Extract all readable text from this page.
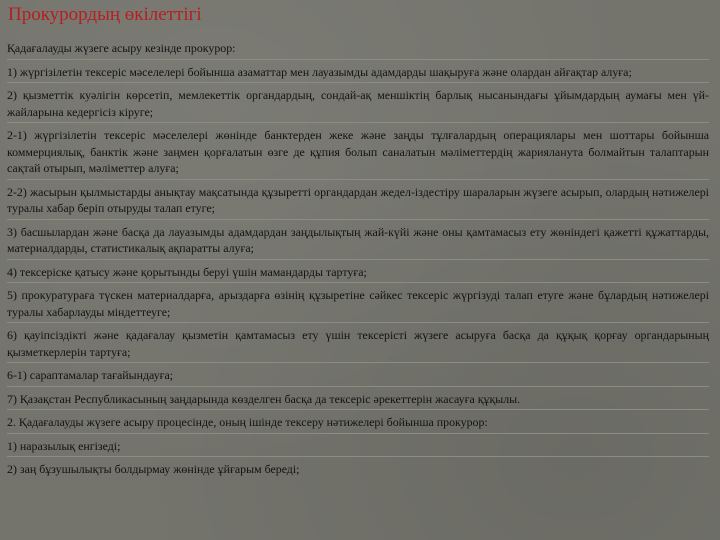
Прокурордың өкілеттігі

Қадағалауды жүзеге асыру кезінде прокурор:

1) жүргізілетін тексеріс мәселелері бойынша азаматтар мен лауазымды адамдарды шақыруға және олардан айғақтар алуға;

2) қызметтік куәлігін көрсетіп, мемлекеттік органдардың, сондай-ақ меншіктің барлық нысанындағы ұйымдардың аумағы мен үй-жайларына кедергісіз кіруге;

2-1) жүргізілетін тексеріс мәселелері жөнінде банктерден жеке және заңды тұлғалардың операциялары мен шоттары бойынша коммерциялық, банктік және заңмен қорғалатын өзге де құпия болып саналатын мәліметтердің жарияланута болмайтын талаптарын сақтай отырып, мәліметтер алуға;

2-2) жасырын қылмыстарды анықтау мақсатында құзыретті органдардан жедел-іздестіру шараларын жүзеге асырып, олардың нәтижелері туралы хабар беріп отыруды талап етуге;

3) басшылардан және басқа да лауазымды адамдардан заңдылықтың жай-күйі және оны қамтамасыз ету жөніндегі қажетті құжаттарды, материалдарды, статистикалық ақпаратты алуға;

4) тексеріске қатысу және қорытынды беруі үшін мамандарды тартуға;

5) прокуратураға түскен материалдарға, арыздарға өзінің құзыретіне сәйкес тексеріс жүргізуді талап етуге және бұлардың нәтижелері туралы хабарлауды міндеттеуге;

6) қауіпсіздікті және қадағалау қызметін қамтамасыз ету үшін тексерісті жүзеге асыруға басқа да құқық қорғау органдарының қызметкерлерін тартуға;

6-1) сараптамалар тағайындауға;

7) Қазақстан Республикасының заңдарында көзделген басқа да тексеріс әрекеттерін жасауға құқылы.

2. Қадағалауды жүзеге асыру процесінде, оның ішінде тексеру нәтижелері бойынша прокурор:

1) наразылық енгізеді;

2) заң бұзушылықты болдырмау жөнінде ұйғарым береді;
